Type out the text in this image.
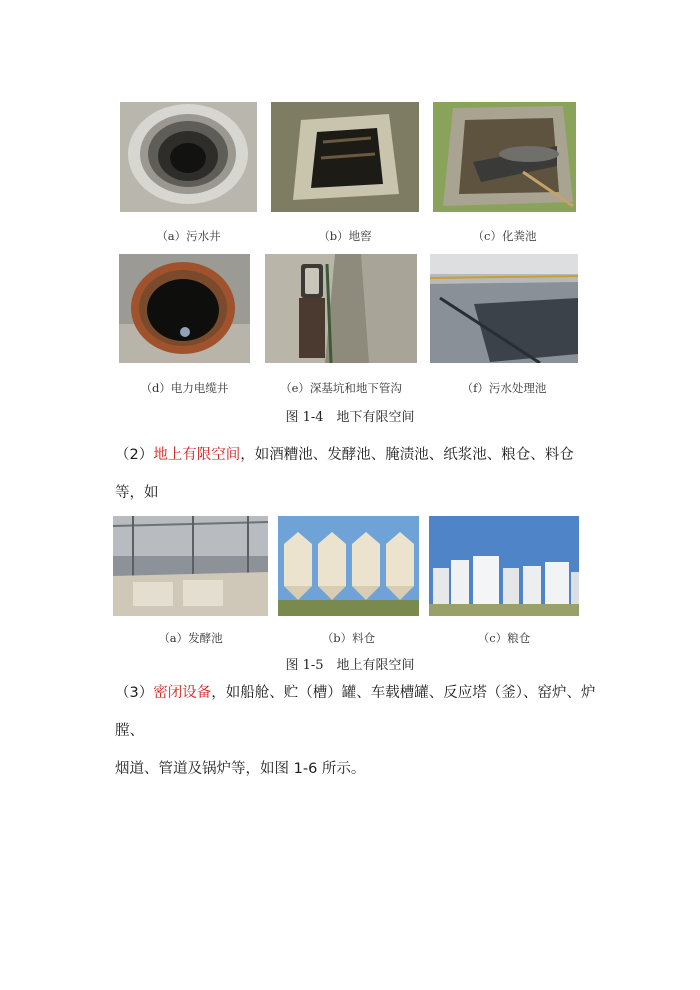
（a）污水井	（b）地窖	（c）化粪池
（d）电力电缆井	（e）深基坑和地下管沟	（f）污水处理池
图 1-4　地下有限空间
（2）地上有限空间，如酒糟池、发酵池、腌渍池、纸浆池、粮仓、料仓等，如
（a）发酵池	（b）料仓	（c）粮仓
图 1-5　地上有限空间
（3）密闭设备，如船舱、贮（槽）罐、车载槽罐、反应塔（釜）、窑炉、炉膛、
烟道、管道及锅炉等，如图 1-6 所示。
